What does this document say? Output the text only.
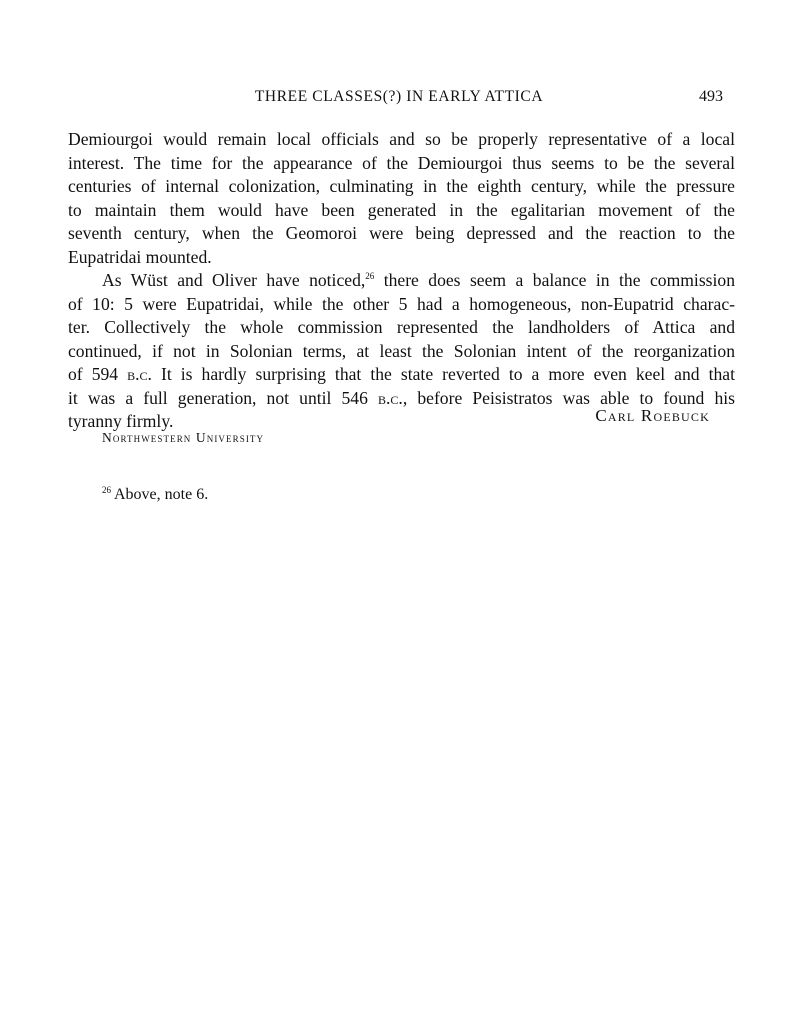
THREE CLASSES(?) IN EARLY ATTICA	493
Demiourgoi would remain local officials and so be properly representative of a local
interest. The time for the appearance of the Demiourgoi thus seems to be the several
centuries of internal colonization, culminating in the eighth century, while the pressure
to maintain them would have been generated in the egalitarian movement of the
seventh century, when the Geomoroi were being depressed and the reaction to the
Eupatridai mounted.
As Wüst and Oliver have noticed,$^{26}$ there does seem a balance in the commission
of 10: 5 were Eupatridai, while the other 5 had a homogeneous, non-Eupatrid charac-
ter. Collectively the whole commission represented the landholders of Attica and
continued, if not in Solonian terms, at least the Solonian intent of the reorganization
of 594 b.c. It is hardly surprising that the state reverted to a more even keel and that
it was a full generation, not until 546 b.c., before Peisistratos was able to found his
tyranny firmly.	Carl Roebuck
Northwestern University
$^{26}$ Above, note 6.
